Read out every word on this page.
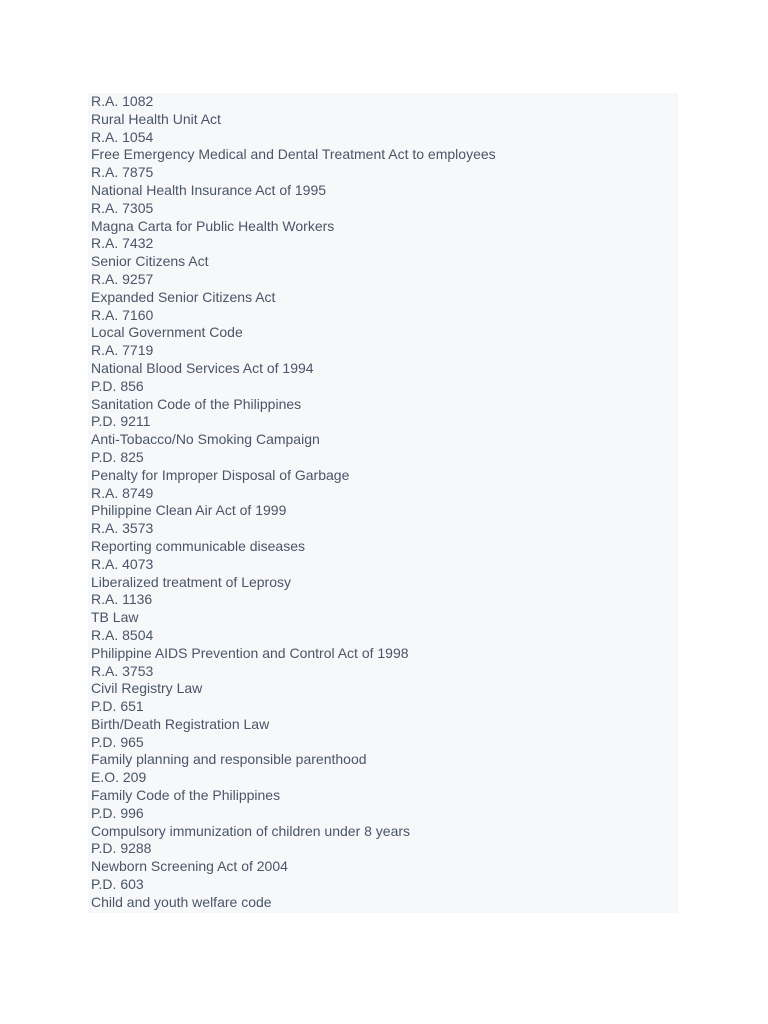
R.A. 1082
Rural Health Unit Act
R.A. 1054
Free Emergency Medical and Dental Treatment Act to employees
R.A. 7875
National Health Insurance Act of 1995
R.A. 7305
Magna Carta for Public Health Workers
R.A. 7432
Senior Citizens Act
R.A. 9257
Expanded Senior Citizens Act
R.A. 7160
Local Government Code
R.A. 7719
National Blood Services Act of 1994
P.D. 856
Sanitation Code of the Philippines
P.D. 9211
Anti-Tobacco/No Smoking Campaign
P.D. 825
Penalty for Improper Disposal of Garbage
R.A. 8749
Philippine Clean Air Act of 1999
R.A. 3573
Reporting communicable diseases
R.A. 4073
Liberalized treatment of Leprosy
R.A. 1136
TB Law
R.A. 8504
Philippine AIDS Prevention and Control Act of 1998
R.A. 3753
Civil Registry Law
P.D. 651
Birth/Death Registration Law
P.D. 965
Family planning and responsible parenthood
E.O. 209
Family Code of the Philippines
P.D. 996
Compulsory immunization of children under 8 years
P.D. 9288
Newborn Screening Act of 2004
P.D. 603
Child and youth welfare code
